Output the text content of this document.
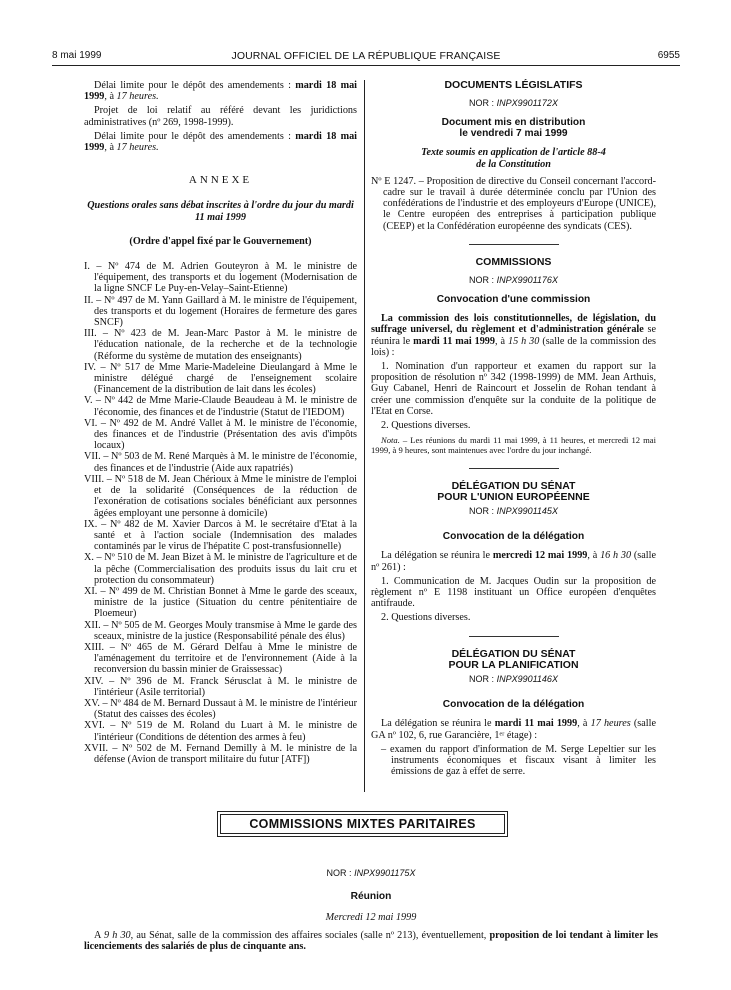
8 mai 1999	JOURNAL OFFICIEL DE LA RÉPUBLIQUE FRANÇAISE	6955

Délai limite pour le dépôt des amendements : mardi 18 mai 1999, à 17 heures.

Projet de loi relatif au référé devant les juridictions administratives (nº 269, 1998-1999).

Délai limite pour le dépôt des amendements : mardi 18 mai 1999, à 17 heures.

ANNEXE
Questions orales sans débat inscrites à l'ordre du jour du mardi 11 mai 1999
(Ordre d'appel fixé par le Gouvernement)
I. – Nº 474 de M. Adrien Gouteyron à M. le ministre de l'équipement, des transports et du logement (Modernisation de la ligne SNCF Le Puy-en-Velay–Saint-Etienne)
II. – Nº 497 de M. Yann Gaillard à M. le ministre de l'équipement, des transports et du logement (Horaires de fermeture des gares SNCF)
III. – Nº 423 de M. Jean-Marc Pastor à M. le ministre de l'éducation nationale, de la recherche et de la technologie (Réforme du système de mutation des enseignants)
IV. – Nº 517 de Mme Marie-Madeleine Dieulangard à Mme le ministre délégué chargé de l'enseignement scolaire (Financement de la distribution de lait dans les écoles)
V. – Nº 442 de Mme Marie-Claude Beaudeau à M. le ministre de l'économie, des finances et de l'industrie (Statut de l'IEDOM)
VI. – Nº 492 de M. André Vallet à M. le ministre de l'économie, des finances et de l'industrie (Présentation des avis d'impôts locaux)
VII. – Nº 503 de M. René Marquès à M. le ministre de l'économie, des finances et de l'industrie (Aide aux rapatriés)
VIII. – Nº 518 de M. Jean Chérioux à Mme le ministre de l'emploi et de la solidarité (Conséquences de la réduction de l'exonération de cotisations sociales bénéficiant aux personnes âgées employant une personne à domicile)
IX. – Nº 482 de M. Xavier Darcos à M. le secrétaire d'Etat à la santé et à l'action sociale (Indemnisation des malades contaminés par le virus de l'hépatite C post-transfusionnelle)
X. – Nº 510 de M. Jean Bizet à M. le ministre de l'agriculture et de la pêche (Commercialisation des produits issus du lait cru et protection du consommateur)
XI. – Nº 499 de M. Christian Bonnet à Mme le garde des sceaux, ministre de la justice (Situation du centre pénitentiaire de Ploemeur)
XII. – Nº 505 de M. Georges Mouly transmise à Mme le garde des sceaux, ministre de la justice (Responsabilité pénale des élus)
XIII. – Nº 465 de M. Gérard Delfau à Mme le ministre de l'aménagement du territoire et de l'environnement (Aide à la reconversion du bassin minier de Graissessac)
XIV. – Nº 396 de M. Franck Sérusclat à M. le ministre de l'intérieur (Asile territorial)
XV. – Nº 484 de M. Bernard Dussaut à M. le ministre de l'intérieur (Statut des caisses des écoles)
XVI. – Nº 519 de M. Roland du Luart à M. le ministre de l'intérieur (Conditions de détention des armes à feu)
XVII. – Nº 502 de M. Fernand Demilly à M. le ministre de la défense (Avion de transport militaire du futur [ATF])
DOCUMENTS LÉGISLATIFS
NOR : INPX9901172X
Document mis en distribution
le vendredi 7 mai 1999
Texte soumis en application de l'article 88-4
de la Constitution

Nº E 1247. – Proposition de directive du Conseil concernant l'accord-cadre sur le travail à durée déterminée conclu par l'Union des confédérations de l'industrie et des employeurs d'Europe (UNICE), le Centre européen des entreprises à participation publique (CEEP) et la Confédération européenne des syndicats (CES).

COMMISSIONS
NOR : INPX9901176X
Convocation d'une commission

La commission des lois constitutionnelles, de législation, du suffrage universel, du règlement et d'administration générale se réunira le mardi 11 mai 1999, à 15 h 30 (salle de la commission des lois) :

1. Nomination d'un rapporteur et examen du rapport sur la proposition de résolution nº 342 (1998-1999) de MM. Jean Arthuis, Guy Cabanel, Henri de Raincourt et Josselin de Rohan tendant à créer une commission d'enquête sur la conduite de la politique de l'Etat en Corse.

2. Questions diverses.

Nota. – Les réunions du mardi 11 mai 1999, à 11 heures, et mercredi 12 mai 1999, à 9 heures, sont maintenues avec l'ordre du jour inchangé.

DÉLÉGATION DU SÉNAT
POUR L'UNION EUROPÉENNE
NOR : INPX9901145X
Convocation de la délégation

La délégation se réunira le mercredi 12 mai 1999, à 16 h 30 (salle nº 261) :

1. Communication de M. Jacques Oudin sur la proposition de règlement nº E 1198 instituant un Office européen d'enquêtes antifraude.

2. Questions diverses.

DÉLÉGATION DU SÉNAT
POUR LA PLANIFICATION
NOR : INPX9901146X
Convocation de la délégation

La délégation se réunira le mardi 11 mai 1999, à 17 heures (salle GA nº 102, 6, rue Garancière, 1ᵉʳ étage) :

– examen du rapport d'information de M. Serge Lepeltier sur les instruments économiques et fiscaux visant à limiter les émissions de gaz à effet de serre.

COMMISSIONS MIXTES PARITAIRES
NOR : INPX9901175X
Réunion
Mercredi 12 mai 1999
A 9 h 30, au Sénat, salle de la commission des affaires sociales (salle nº 213), éventuellement, proposition de loi tendant à limiter les licenciements des salariés de plus de cinquante ans.
